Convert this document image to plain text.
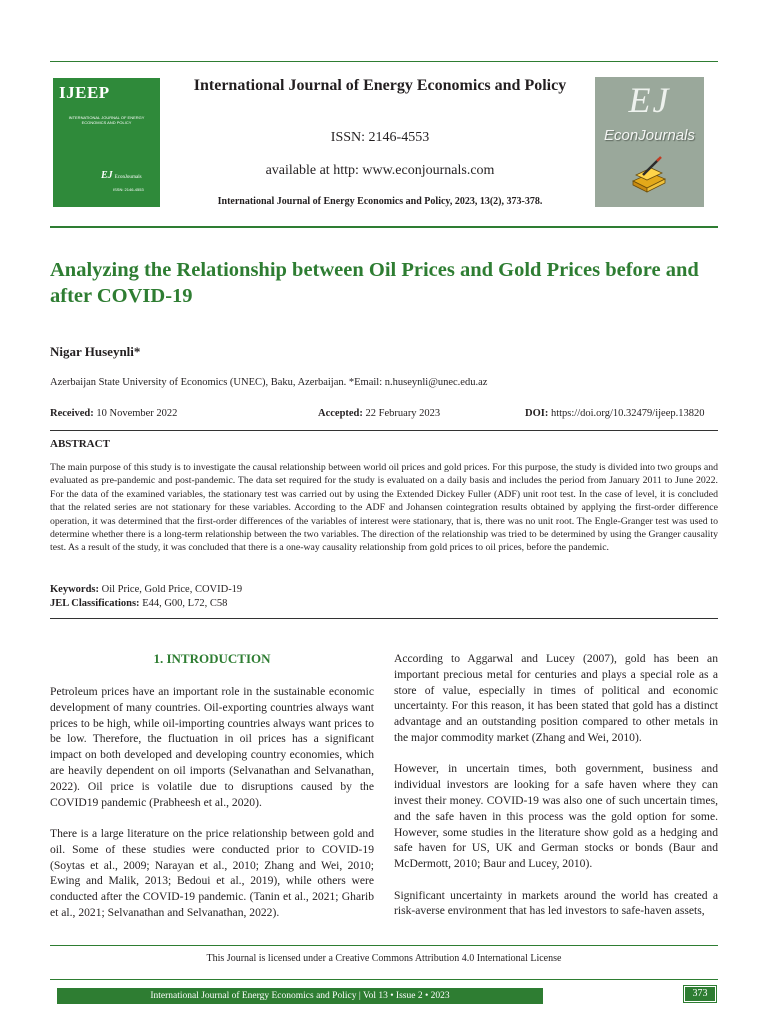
IJEEP
INTERNATIONAL JOURNAL OF ENERGY ECONOMICS AND POLICY
EJ EconJournals
ISSN: 2146-4553
International Journal of Energy Economics and Policy
ISSN: 2146-4553
available at http: www.econjournals.com
International Journal of Energy Economics and Policy, 2023, 13(2), 373-378.
EJ
EconJournals
Analyzing the Relationship between Oil Prices and Gold Prices before and after COVID-19
Nigar Huseynli*
Azerbaijan State University of Economics (UNEC), Baku, Azerbaijan. *Email: n.huseynli@unec.edu.az
Received: 10 November 2022	Accepted: 22 February 2023	DOI: https://doi.org/10.32479/ijeep.13820
ABSTRACT
The main purpose of this study is to investigate the causal relationship between world oil prices and gold prices. For this purpose, the study is divided into two groups and evaluated as pre-pandemic and post-pandemic. The data set required for the study is evaluated on a daily basis and includes the period from January 2011 to June 2022. For the data of the examined variables, the stationary test was carried out by using the Extended Dickey Fuller (ADF) unit root test. In the case of level, it is concluded that the related series are not stationary for these variables. According to the ADF and Johansen cointegration results obtained by applying the first-order difference operation, it was determined that the first-order differences of the variables of interest were stationary, that is, there was no unit root. The Engle-Granger test was used to determine whether there is a long-term relationship between the two variables. The direction of the relationship was tried to be determined by using the Granger causality test. As a result of the study, it was concluded that there is a one-way causality relationship from gold prices to oil prices, before the pandemic.
Keywords: Oil Price, Gold Price, COVID-19
JEL Classifications: E44, G00, L72, C58
1. INTRODUCTION

Petroleum prices have an important role in the sustainable economic development of many countries. Oil-exporting countries always want prices to be high, while oil-importing countries always want prices to be low. Therefore, the fluctuation in oil prices has a significant impact on both developed and developing country economies, which are heavily dependent on oil imports (Selvanathan and Selvanathan, 2022). Oil price is volatile due to disruptions caused by the COVID19 pandemic (Prabheesh et al., 2020).

There is a large literature on the price relationship between gold and oil. Some of these studies were conducted prior to COVID-19 (Soytas et al., 2009; Narayan et al., 2010; Zhang and Wei, 2010; Ewing and Malik, 2013; Bedoui et al., 2019), while others were conducted after the COVID-19 pandemic. (Tanin et al., 2021; Gharib et al., 2021; Selvanathan and Selvanathan, 2022).

According to Aggarwal and Lucey (2007), gold has been an important precious metal for centuries and plays a special role as a store of value, especially in times of political and economic uncertainty. For this reason, it has been stated that gold has a distinct advantage and an outstanding position compared to other metals in the major commodity market (Zhang and Wei, 2010).

However, in uncertain times, both government, business and individual investors are looking for a safe haven where they can invest their money. COVID-19 was also one of such uncertain times, and the safe haven in this process was the gold option for some. However, some studies in the literature show gold as a hedging and safe haven for US, UK and German stocks or bonds (Baur and McDermott, 2010; Baur and Lucey, 2010).

Significant uncertainty in markets around the world has created a risk-averse environment that has led investors to safe-haven assets,

This Journal is licensed under a Creative Commons Attribution 4.0 International License
International Journal of Energy Economics and Policy | Vol 13 • Issue 2 • 2023	373
